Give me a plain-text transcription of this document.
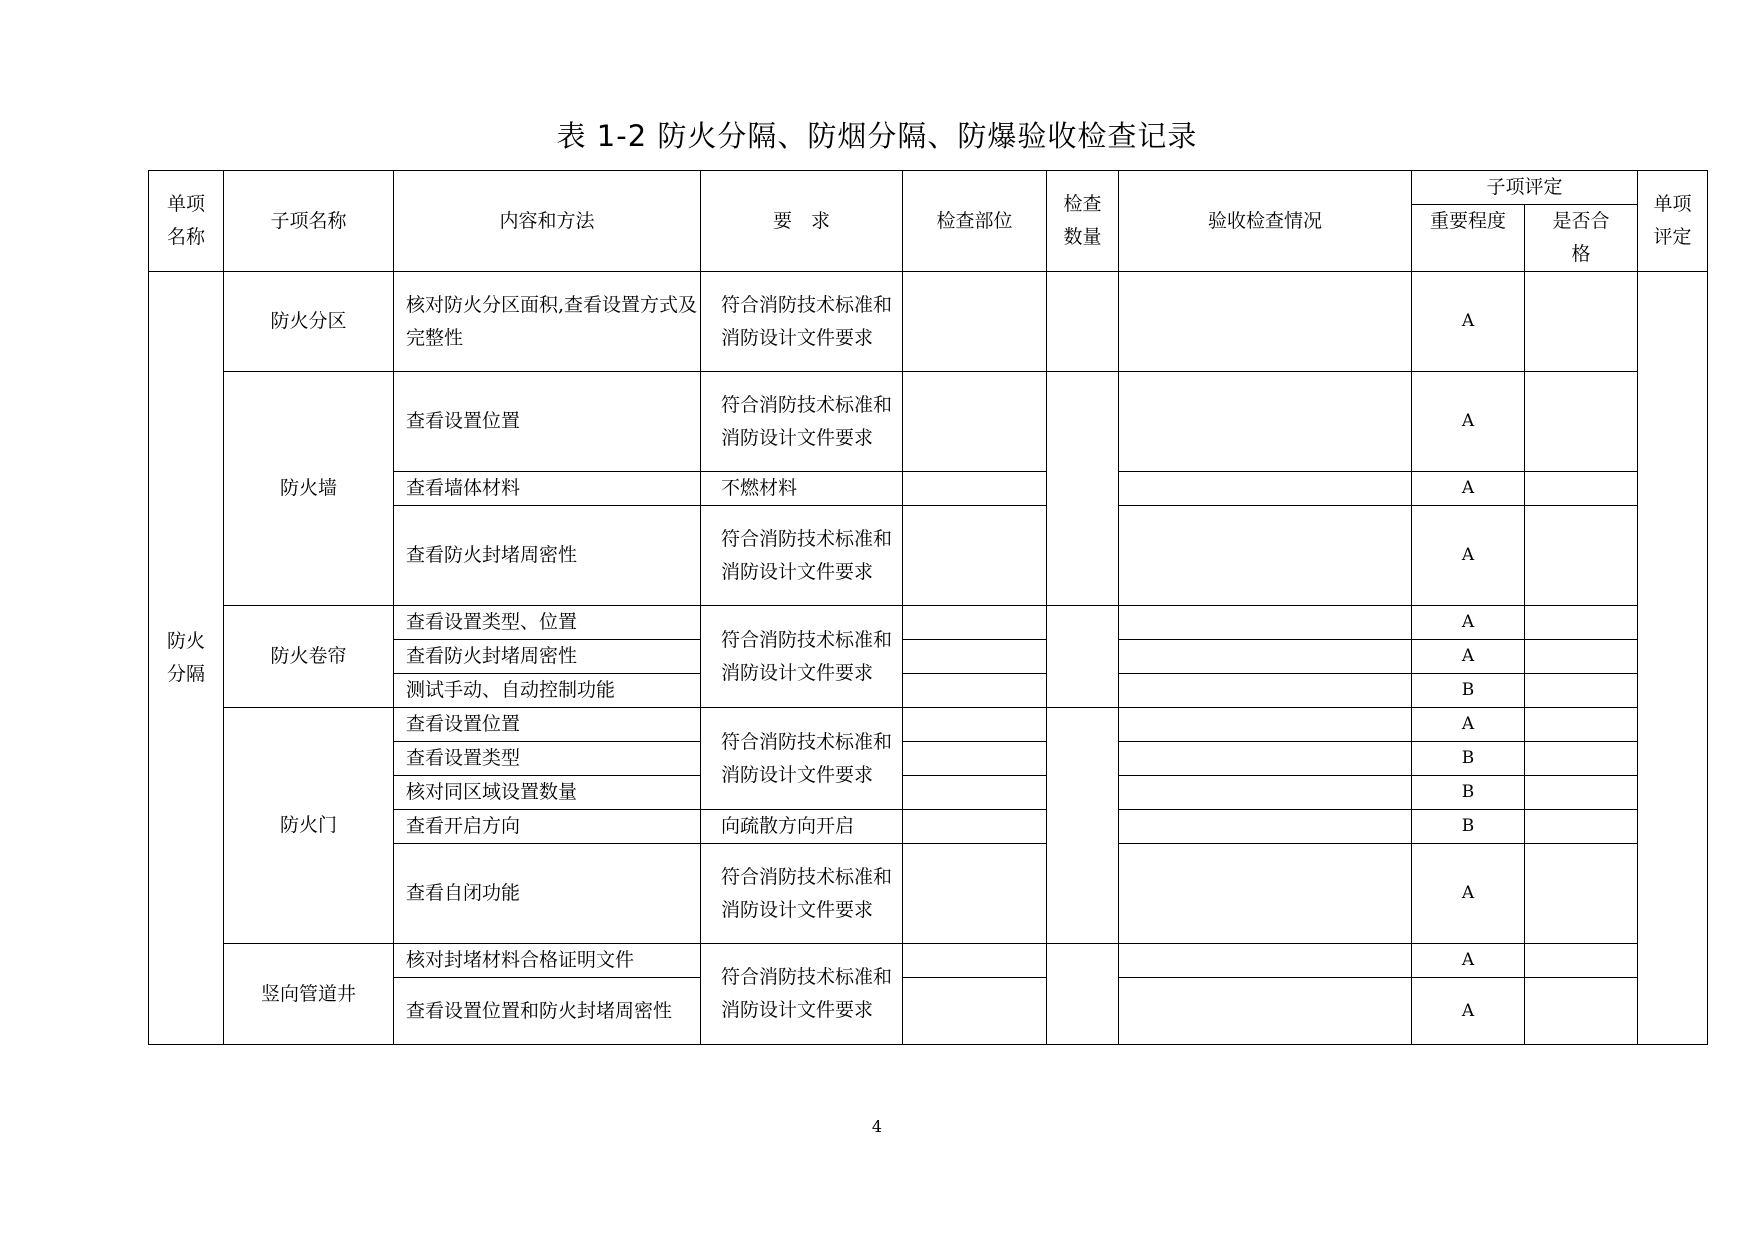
表 1-2 防火分隔、防烟分隔、防爆验收检查记录
单项名称	子项名称	内容和方法	要　求	检查部位	检查数量	验收检查情况	子项评定		单项评定
							重要程度	是否合格	
防火分隔	防火分区	核对防火分区面积,查看设置方式及完整性	符合消防技术标准和消防设计文件要求				A		
	防火墙	查看设置位置	符合消防技术标准和消防设计文件要求				A		
		查看墙体材料	不燃材料				A		
		查看防火封堵周密性	符合消防技术标准和消防设计文件要求				A		
	防火卷帘	查看设置类型、位置	符合消防技术标准和消防设计文件要求				A		
		查看防火封堵周密性					A		
		测试手动、自动控制功能					B		
	防火门	查看设置位置	符合消防技术标准和消防设计文件要求				A		
		查看设置类型					B		
		核对同区域设置数量					B		
		查看开启方向	向疏散方向开启				B		
		查看自闭功能	符合消防技术标准和消防设计文件要求				A		
	竖向管道井	核对封堵材料合格证明文件	符合消防技术标准和消防设计文件要求				A		
		查看设置位置和防火封堵周密性					A		
4
